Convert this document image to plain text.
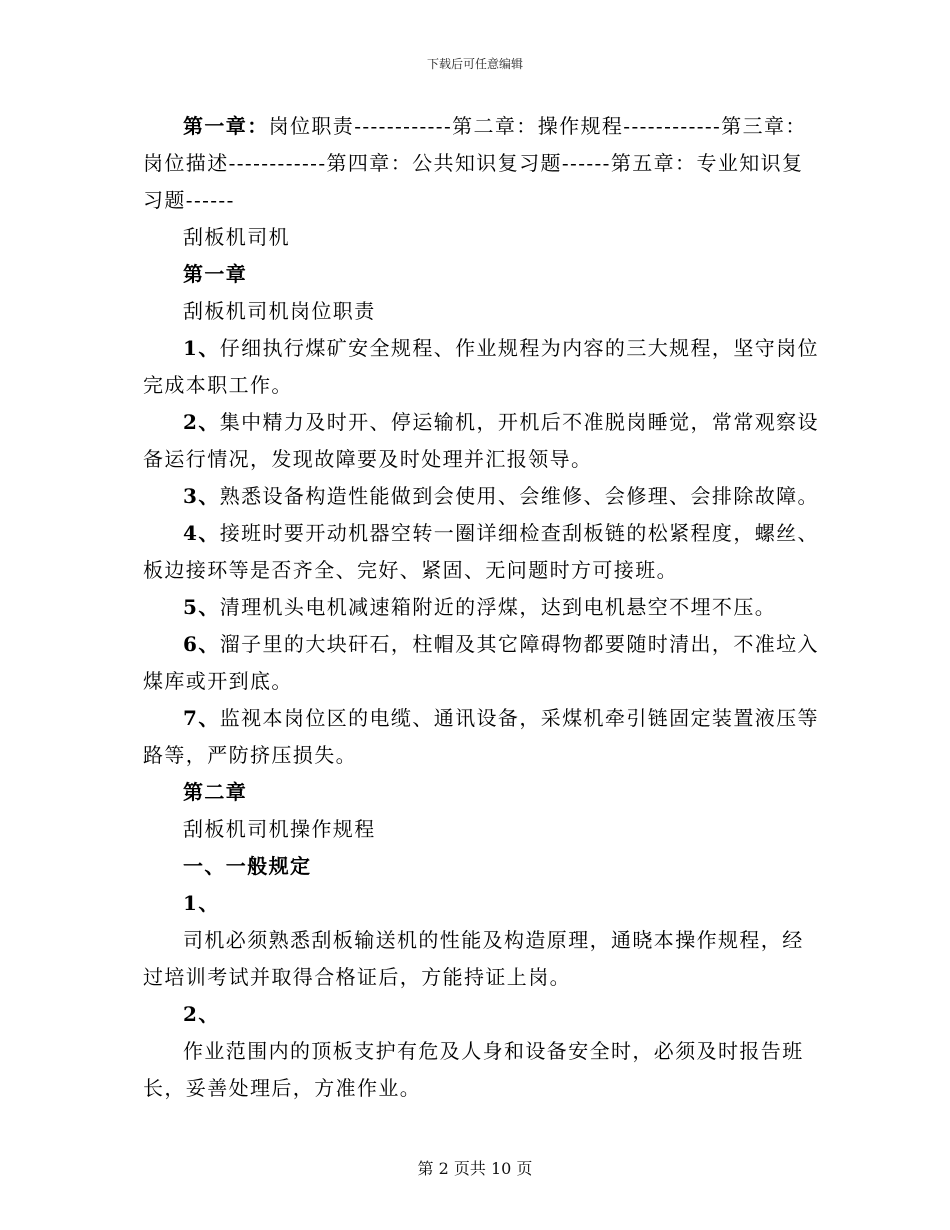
下载后可任意编辑

第一章：岗位职责------------第二章：操作规程------------第三章：岗位描述------------第四章：公共知识复习题------第五章：专业知识复习题------

刮板机司机

第一章

刮板机司机岗位职责

1、仔细执行煤矿安全规程、作业规程为内容的三大规程，坚守岗位完成本职工作。

2、集中精力及时开、停运输机，开机后不准脱岗睡觉，常常观察设备运行情况，发现故障要及时处理并汇报领导。

3、熟悉设备构造性能做到会使用、会维修、会修理、会排除故障。

4、接班时要开动机器空转一圈详细检查刮板链的松紧程度，螺丝、板边接环等是否齐全、完好、紧固、无问题时方可接班。

5、清理机头电机减速箱附近的浮煤，达到电机悬空不埋不压。

6、溜子里的大块矸石，柱帽及其它障碍物都要随时清出，不准垃入煤库或开到底。

7、监视本岗位区的电缆、通讯设备，采煤机牵引链固定装置液压等路等，严防挤压损失。

第二章

刮板机司机操作规程

一、一般规定

1、

司机必须熟悉刮板输送机的性能及构造原理，通晓本操作规程，经过培训考试并取得合格证后，方能持证上岗。

2、

作业范围内的顶板支护有危及人身和设备安全时，必须及时报告班长，妥善处理后，方准作业。

第 2 页共 10 页
